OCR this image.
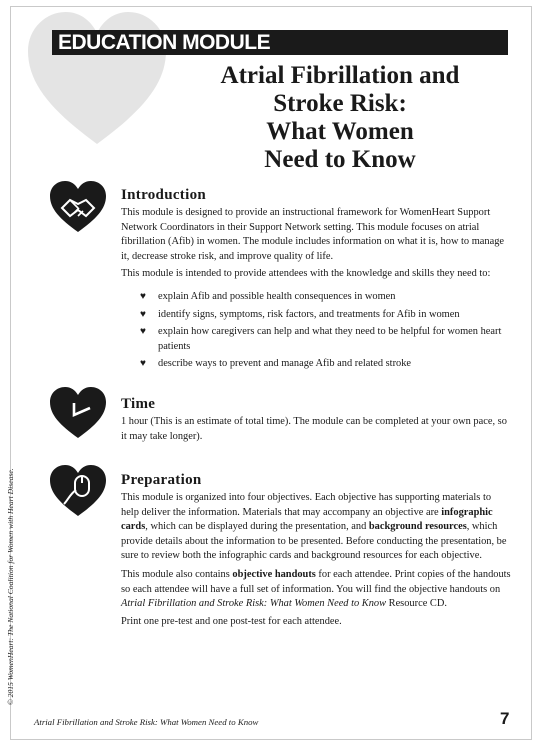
EDUCATION MODULE
Atrial Fibrillation and
Stroke Risk:
What Women
Need to Know
Introduction

This module is designed to provide an instructional framework for WomenHeart Support Network Coordinators in their Support Network setting. This module focuses on atrial fibrillation (Afib) in women. The module includes information on what it is, how to manage it, decrease stroke risk, and improve quality of life.

This module is intended to provide attendees with the knowledge and skills they need to:

♥ explain Afib and possible health consequences in women
♥ identify signs, symptoms, risk factors, and treatments for Afib in women
♥ explain how caregivers can help and what they need to be helpful for women heart patients
♥ describe ways to prevent and manage Afib and related stroke
Time

1 hour (This is an estimate of total time). The module can be completed at your own pace, so it may take longer).

Preparation

This module is organized into four objectives. Each objective has supporting materials to help deliver the information. Materials that may accompany an objective are infographic cards, which can be displayed during the presentation, and background resources, which provide details about the information to be presented. Before conducting the presentation, be sure to review both the infographic cards and background resources for each objective.

This module also contains objective handouts for each attendee. Print copies of the handouts so each attendee will have a full set of information. You will find the objective handouts on Atrial Fibrillation and Stroke Risk: What Women Need to Know Resource CD.

Print one pre-test and one post-test for each attendee.

© 2015 WomenHeart: The National Coalition for Women with Heart Disease.
Atrial Fibrillation and Stroke Risk: What Women Need to Know	7
